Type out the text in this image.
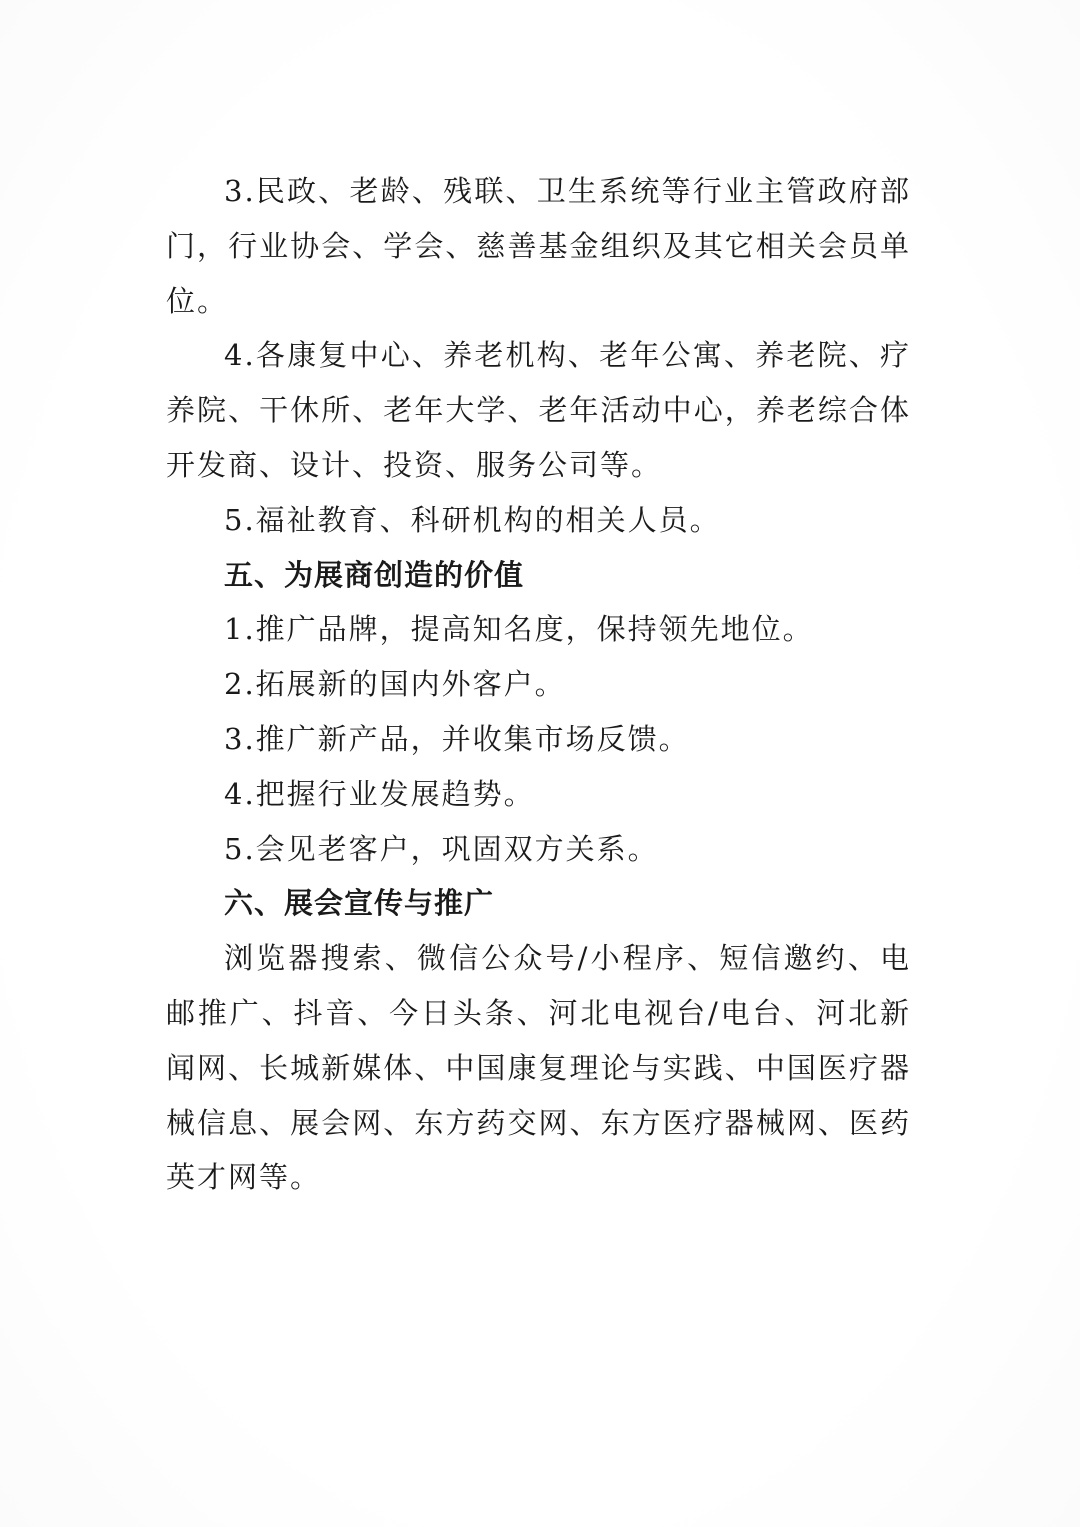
3.民政、老龄、残联、卫生系统等行业主管政府部门，行业协会、学会、慈善基金组织及其它相关会员单位。

4.各康复中心、养老机构、老年公寓、养老院、疗养院、干休所、老年大学、老年活动中心，养老综合体开发商、设计、投资、服务公司等。

5.福祉教育、科研机构的相关人员。

五、为展商创造的价值

1.推广品牌，提高知名度，保持领先地位。

2.拓展新的国内外客户。

3.推广新产品，并收集市场反馈。

4.把握行业发展趋势。

5.会见老客户，巩固双方关系。

六、展会宣传与推广

浏览器搜索、微信公众号/小程序、短信邀约、电邮推广、抖音、今日头条、河北电视台/电台、河北新闻网、长城新媒体、中国康复理论与实践、中国医疗器械信息、展会网、东方药交网、东方医疗器械网、医药英才网等。
